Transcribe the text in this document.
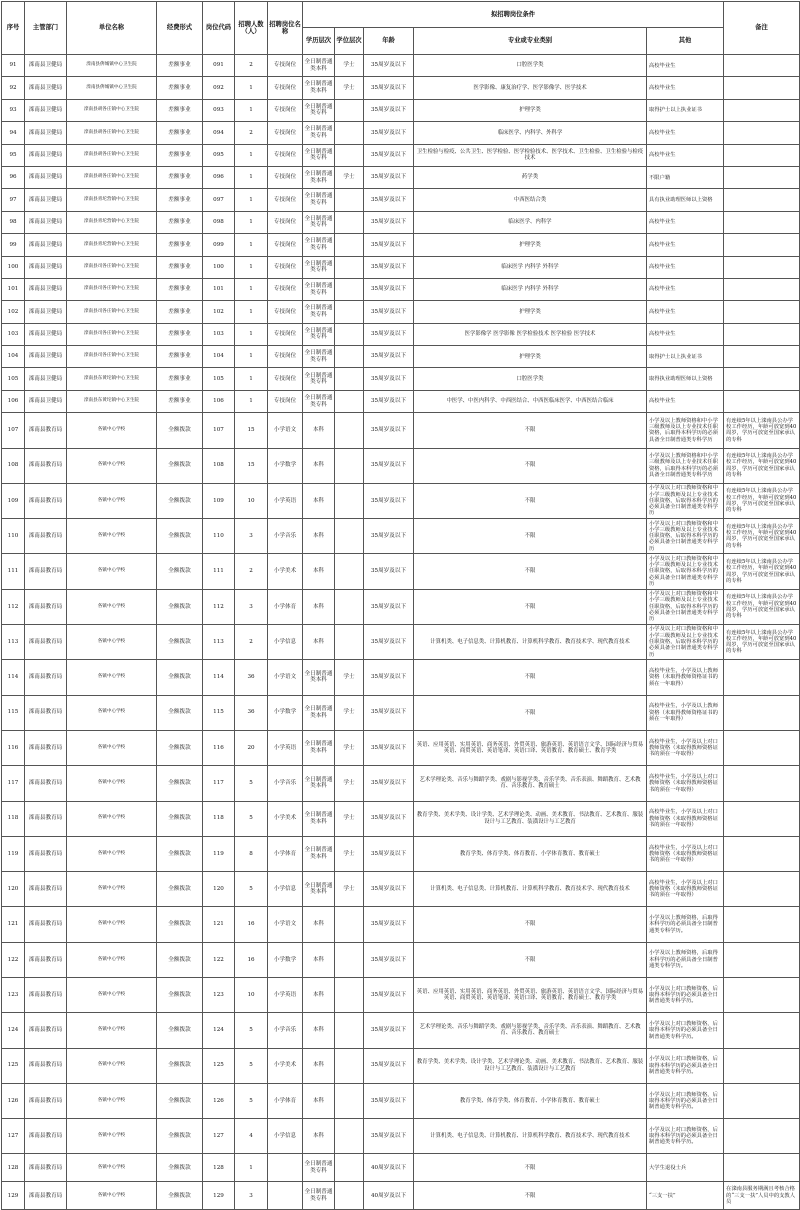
序号	主管部门	单位名称	经费形式	岗位代码	招聘人数（人）	招聘岗位名称	拟招聘岗位条件					备注
							学历层次	学位层次	年龄	专业或专业类别	其他	
91	滦南县卫健局	滦南县倴城镇中心卫生院	差额事业	091	2	专技岗位	全日制普通类本科	学士	35周岁及以下	口腔医学类	高校毕业生	
92	滦南县卫健局	滦南县倴城镇中心卫生院	差额事业	092	1	专技岗位	全日制普通类本科	学士	35周岁及以下	医学影像、康复治疗学、医学影像学、医学技术	高校毕业生	
93	滦南县卫健局	滦南县胡各庄镇中心卫生院	差额事业	093	1	专技岗位	全日制普通类专科		35周岁及以下	护理学类	取得护士以上执业证书	
94	滦南县卫健局	滦南县胡各庄镇中心卫生院	差额事业	094	2	专技岗位	全日制普通类专科		35周岁及以下	临床医学、内科学、外科学	高校毕业生	
95	滦南县卫健局	滦南县胡各庄镇中心卫生院	差额事业	095	1	专技岗位	全日制普通类专科		35周岁及以下	卫生检验与检疫、公共卫生、医学检验、医学检验技术、医学技术、卫生检验、卫生检验与检疫技术	高校毕业生	
96	滦南县卫健局	滦南县胡各庄镇中心卫生院	差额事业	096	1	专技岗位	全日制普通类本科	学士	35周岁及以下	药学类	不限户籍	
97	滦南县卫健局	滦南县青坨营镇中心卫生院	差额事业	097	1	专技岗位	全日制普通类专科		35周岁及以下	中西医结合类	具有执业助理医师以上资格	
98	滦南县卫健局	滦南县青坨营镇中心卫生院	差额事业	098	1	专技岗位	全日制普通类专科		35周岁及以下	临床医学、内科学	高校毕业生	
99	滦南县卫健局	滦南县青坨营镇中心卫生院	差额事业	099	1	专技岗位	全日制普通类专科		35周岁及以下	护理学类	高校毕业生	
100	滦南县卫健局	滦南县司各庄镇中心卫生院	差额事业	100	1	专技岗位	全日制普通类专科		35周岁及以下	临床医学 内科学 外科学	高校毕业生	
101	滦南县卫健局	滦南县司各庄镇中心卫生院	差额事业	101	1	专技岗位	全日制普通类专科		35周岁及以下	临床医学 内科学 外科学	高校毕业生	
102	滦南县卫健局	滦南县司各庄镇中心卫生院	差额事业	102	1	专技岗位	全日制普通类专科		35周岁及以下	护理学类	高校毕业生	
103	滦南县卫健局	滦南县司各庄镇中心卫生院	差额事业	103	1	专技岗位	全日制普通类专科		35周岁及以下	医学影像学 医学影像 医学检验技术 医学检验 医学技术	高校毕业生	
104	滦南县卫健局	滦南县司各庄镇中心卫生院	差额事业	104	1	专技岗位	全日制普通类专科		35周岁及以下	护理学类	取得护士以上执业证书	
105	滦南县卫健局	滦南县东黄坨镇中心卫生院	差额事业	105	1	专技岗位	全日制普通类专科		35周岁及以下	口腔医学类	取得执业助理医师以上资格	
106	滦南县卫健局	滦南县东黄坨镇中心卫生院	差额事业	106	1	专技岗位	全日制普通类专科		35周岁及以下	中医学、中医内科学、中西医结合、中西医临床医学、中西医结合临床	高校毕业生	
107	滦南县教育局	各镇中心学校	全额拨款	107	15	小学语文	本科		35周岁及以下	不限	小学及以上教师资格和中小学三级教师及以上专业技术任职资格，后取得本科学历的必须具备全日制普通类专科学历	有连续5年以上滦南县公办学校工作经历，年龄可放宽到40周岁，学历可放宽至国家承认的专科
108	滦南县教育局	各镇中心学校	全额拨款	108	15	小学数学	本科		35周岁及以下	不限	小学及以上教师资格和中小学三级教师及以上专业技术任职资格，后取得本科学历的必须具备全日制普通类专科学历	有连续5年以上滦南县公办学校工作经历，年龄可放宽到40周岁，学历可放宽至国家承认的专科
109	滦南县教育局	各镇中心学校	全额拨款	109	10	小学英语	本科		35周岁及以下	不限	小学及以上对口教师资格和中小学三级教师及以上专业技术任职资格，后取得本科学历的必须具备全日制普通类专科学历	有连续5年以上滦南县公办学校工作经历，年龄可放宽到40周岁，学历可放宽至国家承认的专科
110	滦南县教育局	各镇中心学校	全额拨款	110	3	小学音乐	本科		35周岁及以下	不限	小学及以上对口教师资格和中小学三级教师及以上专业技术任职资格，后取得本科学历的必须具备全日制普通类专科学历	有连续5年以上滦南县公办学校工作经历，年龄可放宽到40周岁，学历可放宽至国家承认的专科
111	滦南县教育局	各镇中心学校	全额拨款	111	2	小学美术	本科		35周岁及以下	不限	小学及以上对口教师资格和中小学三级教师及以上专业技术任职资格，后取得本科学历的必须具备全日制普通类专科学历	有连续5年以上滦南县公办学校工作经历，年龄可放宽到40周岁，学历可放宽至国家承认的专科
112	滦南县教育局	各镇中心学校	全额拨款	112	3	小学体育	本科		35周岁及以下	不限	小学及以上对口教师资格和中小学三级教师及以上专业技术任职资格，后取得本科学历的必须具备全日制普通类专科学历	有连续5年以上滦南县公办学校工作经历，年龄可放宽到40周岁，学历可放宽至国家承认的专科
113	滦南县教育局	各镇中心学校	全额拨款	113	2	小学信息	本科		35周岁及以下	计算机类、电子信息类、计算机教育、计算机科学教育、教育技术学、现代教育技术	小学及以上对口教师资格和中小学三级教师及以上专业技术任职资格，后取得本科学历的必须具备全日制普通类专科学历	有连续5年以上滦南县公办学校工作经历，年龄可放宽到40周岁，学历可放宽至国家承认的专科
114	滦南县教育局	各镇中心学校	全额拨款	114	36	小学语文	全日制普通类本科	学士	35周岁及以下	不限	高校毕业生，小学及以上教师资格（未取得教师资格证书的须在一年取得）	
115	滦南县教育局	各镇中心学校	全额拨款	115	36	小学数学	全日制普通类本科	学士	35周岁及以下	不限	高校毕业生，小学及以上教师资格（未取得教师资格证书的须在一年取得）	
116	滦南县教育局	各镇中心学校	全额拨款	116	20	小学英语	全日制普通类本科	学士	35周岁及以下	英语、应用英语、实用英语、商务英语、外贸英语、旅游英语、英语语言文学、国际经济与贸易英语、商贸英语、英语笔译、英语口译、英语教育、教育硕士、教育学类	高校毕业生，小学及以上对口教师资格（未取得教师资格证书的须在一年取得）	
117	滦南县教育局	各镇中心学校	全额拨款	117	5	小学音乐	全日制普通类本科	学士	35周岁及以下	艺术学理论类、音乐与舞蹈学类、戏剧与影视学类、音乐学类、音乐表演、舞蹈教育、艺术教育、音乐教育、教育硕士	高校毕业生，小学及以上对口教师资格（未取得教师资格证书的须在一年取得）	
118	滦南县教育局	各镇中心学校	全额拨款	118	5	小学美术	全日制普通类本科	学士	35周岁及以下	教育学类、美术学类、设计学类、艺术学理论类、动画、美术教育、书法教育、艺术教育、服装设计与工艺教育、装潢设计与工艺教育	高校毕业生，小学及以上对口教师资格（未取得教师资格证书的须在一年取得）	
119	滦南县教育局	各镇中心学校	全额拨款	119	8	小学体育	全日制普通类本科	学士	35周岁及以下	教育学类、体育学类、体育教育、小学体育教育、教育硕士	高校毕业生，小学及以上对口教师资格（未取得教师资格证书的须在一年取得）	
120	滦南县教育局	各镇中心学校	全额拨款	120	5	小学信息	全日制普通类本科	学士	35周岁及以下	计算机类、电子信息类、计算机教育、计算机科学教育、教育技术学、现代教育技术	高校毕业生，小学及以上对口教师资格（未取得教师资格证书的须在一年取得）	
121	滦南县教育局	各镇中心学校	全额拨款	121	16	小学语文	本科		35周岁及以下	不限	小学及以上教师资格，后取得本科学历的必须具备全日制普通类专科学历。	
122	滦南县教育局	各镇中心学校	全额拨款	122	16	小学数学	本科		35周岁及以下	不限	小学及以上教师资格，后取得本科学历的必须具备全日制普通类专科学历。	
123	滦南县教育局	各镇中心学校	全额拨款	123	10	小学英语	本科		35周岁及以下	英语、应用英语、实用英语、商务英语、外贸英语、旅游英语、英语语言文学、国际经济与贸易英语、商贸英语、英语笔译、英语口译、英语教育、教育硕士、教育学类	小学及以上对口教师资格，后取得本科学历的必须具备全日制普通类专科学历。	
124	滦南县教育局	各镇中心学校	全额拨款	124	5	小学音乐	本科		35周岁及以下	艺术学理论类、音乐与舞蹈学类、戏剧与影视学类、音乐学类、音乐表演、舞蹈教育、艺术教育、音乐教育、教育硕士	小学及以上对口教师资格，后取得本科学历的必须具备全日制普通类专科学历。	
125	滦南县教育局	各镇中心学校	全额拨款	125	5	小学美术	本科		35周岁及以下	教育学类、美术学类、设计学类、艺术学理论类、动画、美术教育、书法教育、艺术教育、服装设计与工艺教育、装潢设计与工艺教育	小学及以上对口教师资格，后取得本科学历的必须具备全日制普通类专科学历。	
126	滦南县教育局	各镇中心学校	全额拨款	126	5	小学体育	本科		35周岁及以下	教育学类、体育学类、体育教育、小学体育教育、教育硕士	小学及以上对口教师资格，后取得本科学历的必须具备全日制普通类专科学历。	
127	滦南县教育局	各镇中心学校	全额拨款	127	4	小学信息	本科		35周岁及以下	计算机类、电子信息类、计算机教育、计算机科学教育、教育技术学、现代教育技术	小学及以上对口教师资格，后取得本科学历的必须具备全日制普通类专科学历。	
128	滦南县教育局	各镇中心学校	全额拨款	128	1		全日制普通类专科		40周岁及以下	不限	大学生退役士兵	
129	滦南县教育局	各镇中心学校	全额拨款	129	3		全日制普通类专科		40周岁及以下	不限	“三支一扶”	在滦南县服务期满且考核合格的“三支一扶”人员中的支教人员
